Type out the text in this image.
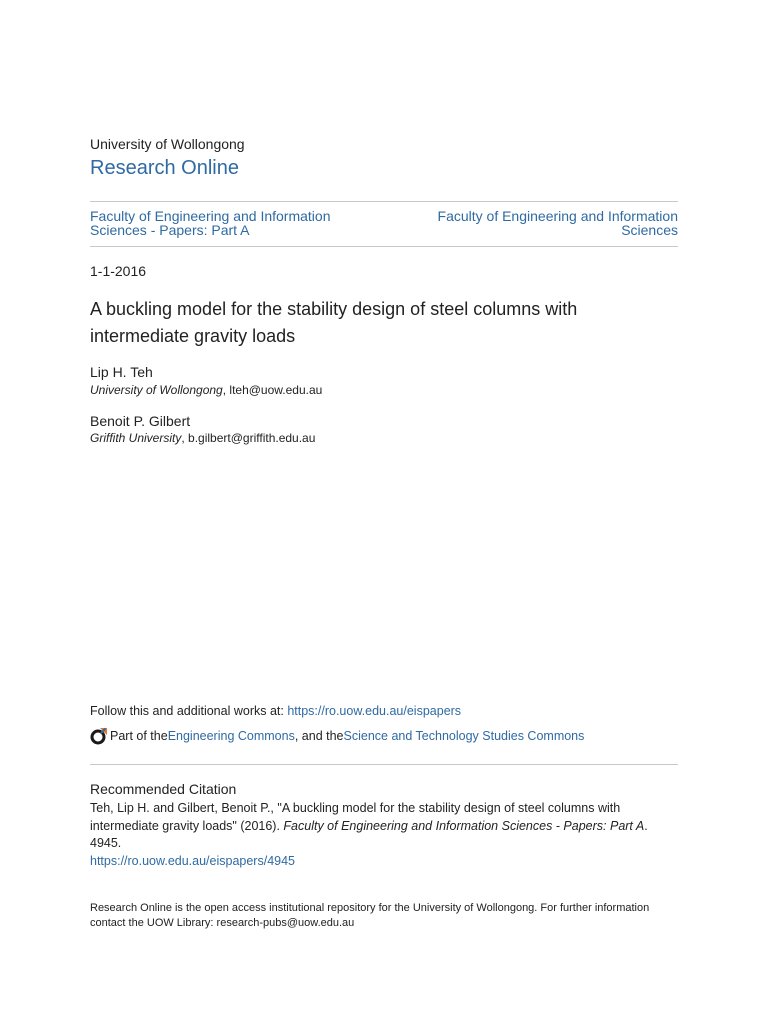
University of Wollongong
Research Online
Faculty of Engineering and Information Sciences - Papers: Part A
Faculty of Engineering and Information Sciences
1-1-2016
A buckling model for the stability design of steel columns with intermediate gravity loads
Lip H. Teh
University of Wollongong, lteh@uow.edu.au
Benoit P. Gilbert
Griffith University, b.gilbert@griffith.edu.au
Follow this and additional works at: https://ro.uow.edu.au/eispapers
Part of the Engineering Commons , and the Science and Technology Studies Commons
Recommended Citation
Teh, Lip H. and Gilbert, Benoit P., "A buckling model for the stability design of steel columns with intermediate gravity loads" (2016). Faculty of Engineering and Information Sciences - Papers: Part A. 4945.
https://ro.uow.edu.au/eispapers/4945
Research Online is the open access institutional repository for the University of Wollongong. For further information contact the UOW Library: research-pubs@uow.edu.au
